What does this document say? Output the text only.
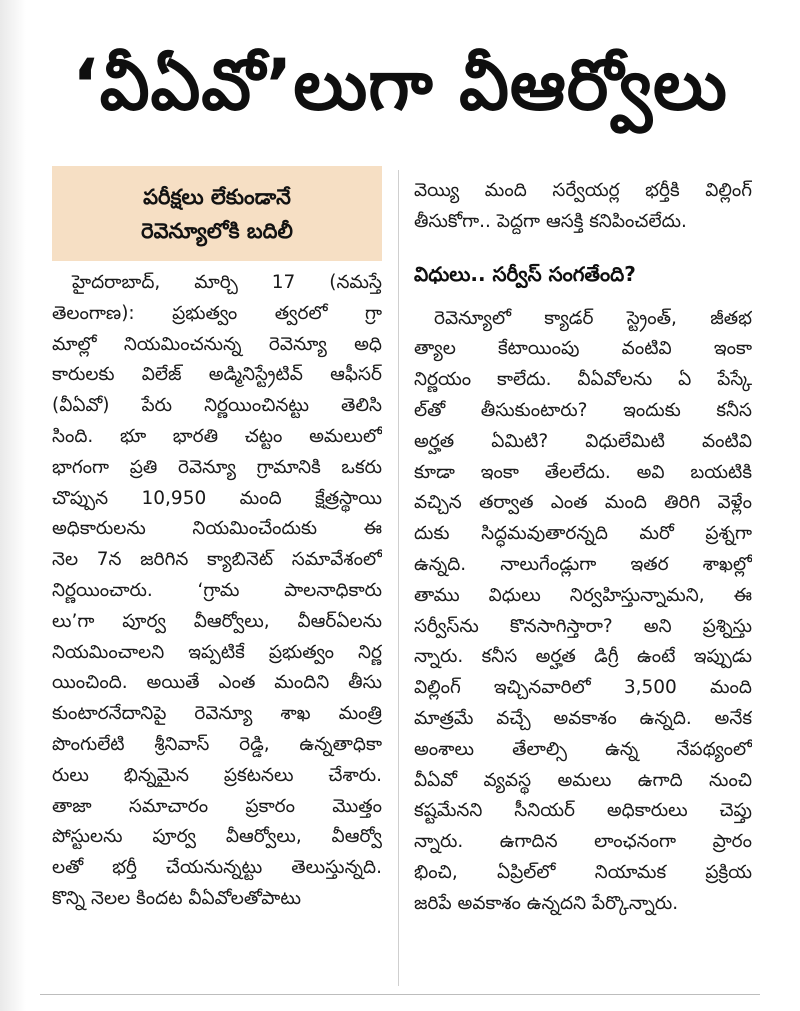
‘వీఏవో’లుగా వీఆర్వోలు
పరీక్షలు లేకుండానే
రెవెన్యూలోకి బదిలీ
హైదరాబాద్, మార్చి 17 (నమస్తే
తెలంగాణ): ప్రభుత్వం త్వరలో గ్రా
మాల్లో నియమించనున్న రెవెన్యూ అధి
కారులకు విలేజ్ అడ్మినిస్ట్రేటివ్ ఆఫీసర్
(వీఏవో) పేరు నిర్ణయించినట్టు తెలిసి
సింది. భూ భారతి చట్టం అమలులో
భాగంగా ప్రతి రెవెన్యూ గ్రామానికి ఒకరు
చొప్పున 10,950 మంది క్షేత్రస్థాయి
అధికారులను నియమించేందుకు ఈ
నెల 7న జరిగిన క్యాబినెట్ సమావేశంలో
నిర్ణయించారు. ‘గ్రామ పాలనాధికారు
లు’గా పూర్వ వీఆర్వోలు, వీఆర్ఏలను
నియమించాలని ఇప్పటికే ప్రభుత్వం నిర్ణ
యించింది. అయితే ఎంత మందిని తీసు
కుంటారనేదానిపై రెవెన్యూ శాఖ మంత్రి
పొంగులేటి శ్రీనివాస్ రెడ్డి, ఉన్నతాధికా
రులు భిన్నమైన ప్రకటనలు చేశారు.
తాజా సమాచారం ప్రకారం మొత్తం
పోస్టులను పూర్వ వీఆర్వోలు, వీఆర్వో
లతో భర్తీ చేయనున్నట్టు తెలుస్తున్నది.
కొన్ని నెలల కిందట వీఏవోలతోపాటు
వెయ్యి మంది సర్వేయర్ల భర్తీకి విల్లింగ్
తీసుకోగా.. పెద్దగా ఆసక్తి కనిపించలేదు.
విధులు.. సర్వీస్ సంగతేంది?
రెవెన్యూలో క్యాడర్ స్ట్రెంత్, జీతభ
త్యాల కేటాయింపు వంటివి ఇంకా
నిర్ణయం కాలేదు. వీఏవోలను ఏ పేస్కే
ల్‌తో తీసుకుంటారు? ఇందుకు కనీస
అర్హత ఏమిటి? విధులేమిటి వంటివి
కూడా ఇంకా తేలలేదు. అవి బయటికి
వచ్చిన తర్వాత ఎంత మంది తిరిగి వెళ్లేం
దుకు సిద్ధమవుతారన్నది మరో ప్రశ్నగా
ఉన్నది. నాలుగేండ్లుగా ఇతర శాఖల్లో
తాము విధులు నిర్వహిస్తున్నామని, ఈ
సర్వీస్‌ను కొనసాగిస్తారా? అని ప్రశ్నిస్తు
న్నారు. కనీస అర్హత డిగ్రీ ఉంటే ఇప్పుడు
విల్లింగ్ ఇచ్చినవారిలో 3,500 మంది
మాత్రమే వచ్చే అవకాశం ఉన్నది. అనేక
అంశాలు తేలాల్సి ఉన్న నేపథ్యంలో
వీఏవో వ్యవస్థ అమలు ఉగాది నుంచి
కష్టమేనని సీనియర్ అధికారులు చెప్తు
న్నారు. ఉగాదిన లాంఛనంగా ప్రారం
భించి, ఏప్రిల్‌లో నియామక ప్రక్రియ
జరిపే అవకాశం ఉన్నదని పేర్కొన్నారు.
